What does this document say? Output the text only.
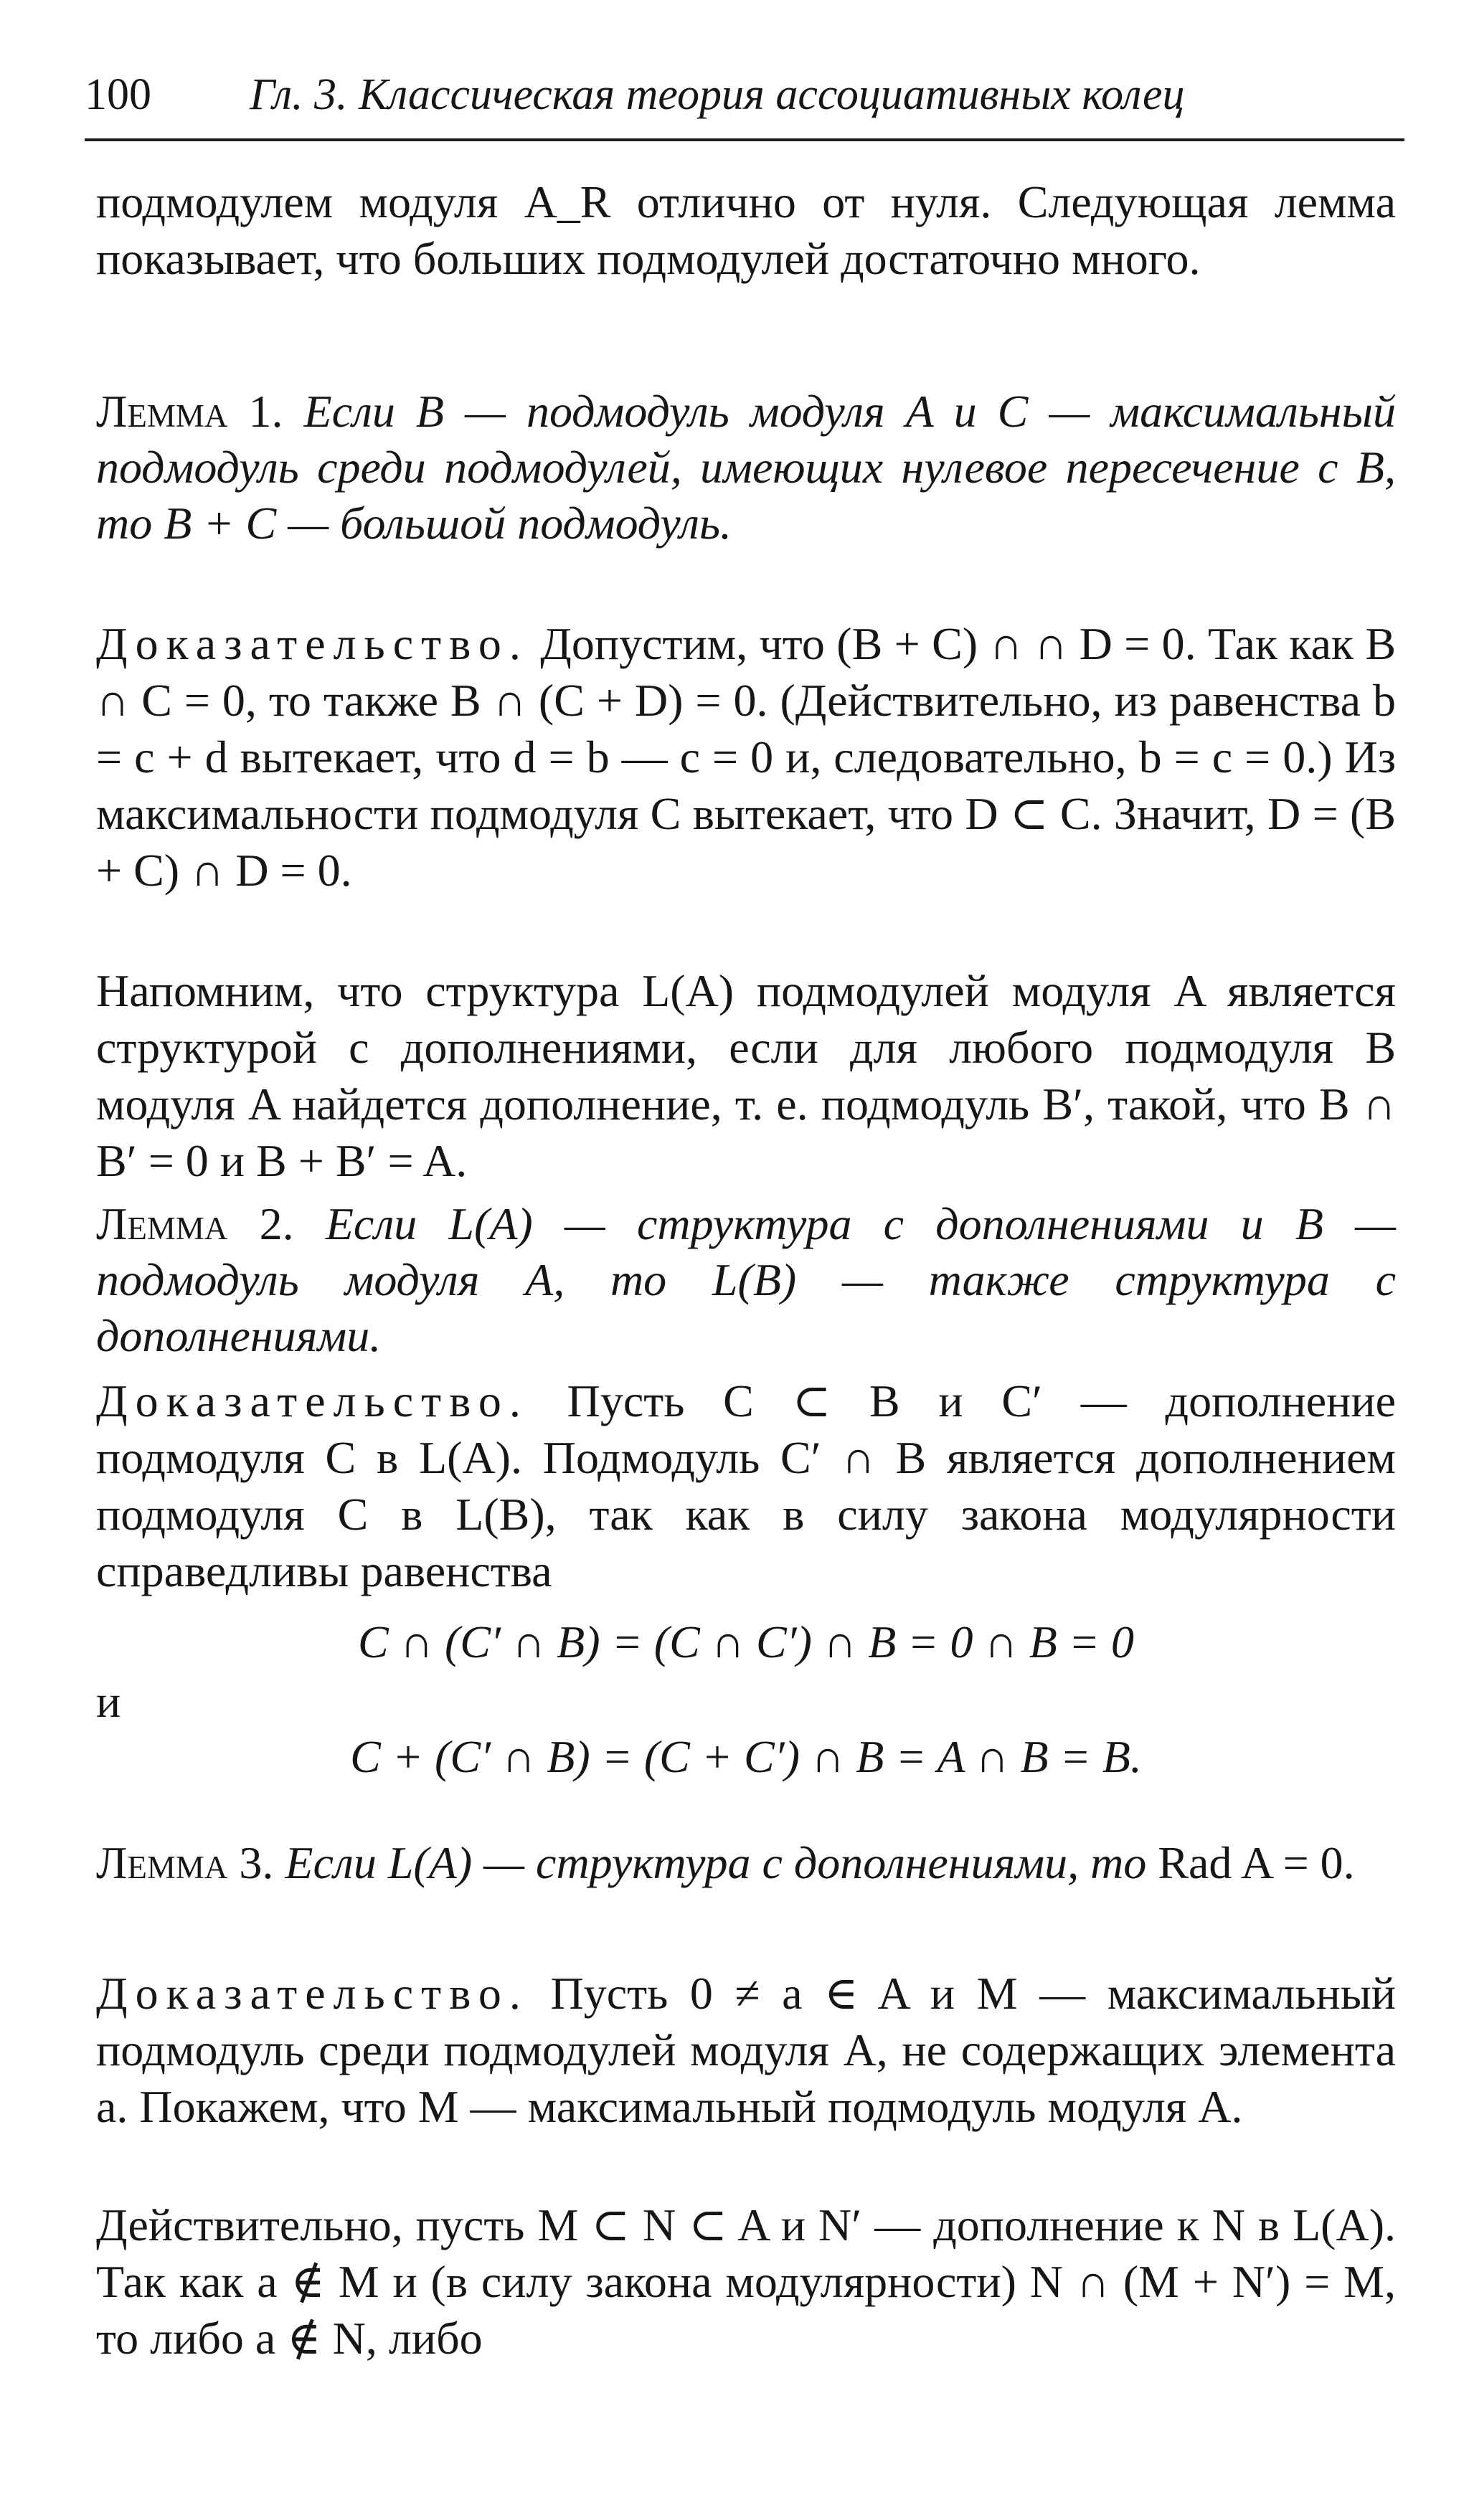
100 Гл. 3. Классическая теория ассоциативных колец

подмодулем модуля A_R отлично от нуля. Следующая лемма показывает, что больших подмодулей достаточно много.

Лемма 1. Если B — подмодуль модуля A и C — максимальный подмодуль среди подмодулей, имеющих нулевое пересечение с B, то B + C — большой подмодуль.

Доказательство. Допустим, что (B + C) ∩ ∩ D = 0. Так как B ∩ C = 0, то также B ∩ (C + D) = 0. (Действительно, из равенства b = c + d вытекает, что d = b — c = 0 и, следовательно, b = c = 0.) Из максимальности подмодуля C вытекает, что D ⊂ C. Значит, D = (B + C) ∩ D = 0.

Напомним, что структура L(A) подмодулей модуля A является структурой с дополнениями, если для любого подмодуля B модуля A найдется дополнение, т. е. подмодуль B′, такой, что B ∩ B′ = 0 и B + B′ = A.

Лемма 2. Если L(A) — структура с дополнениями и B — подмодуль модуля A, то L(B) — также структура с дополнениями.

Доказательство. Пусть C ⊂ B и C′ — дополнение подмодуля C в L(A). Подмодуль C′ ∩ B является дополнением подмодуля C в L(B), так как в силу закона модулярности справедливы равенства

C ∩ (C′ ∩ B) = (C ∩ C′) ∩ B = 0 ∩ B = 0

и

C + (C′ ∩ B) = (C + C′) ∩ B = A ∩ B = B.

Лемма 3. Если L(A) — структура с дополнениями, то Rad A = 0.

Доказательство. Пусть 0 ≠ a ∈ A и M — максимальный подмодуль среди подмодулей модуля A, не содержащих элемента a. Покажем, что M — максимальный подмодуль модуля A.

Действительно, пусть M ⊂ N ⊂ A и N′ — дополнение к N в L(A). Так как a ∉ M и (в силу закона модулярности) N ∩ (M + N′) = M, то либо a ∉ N, либо
